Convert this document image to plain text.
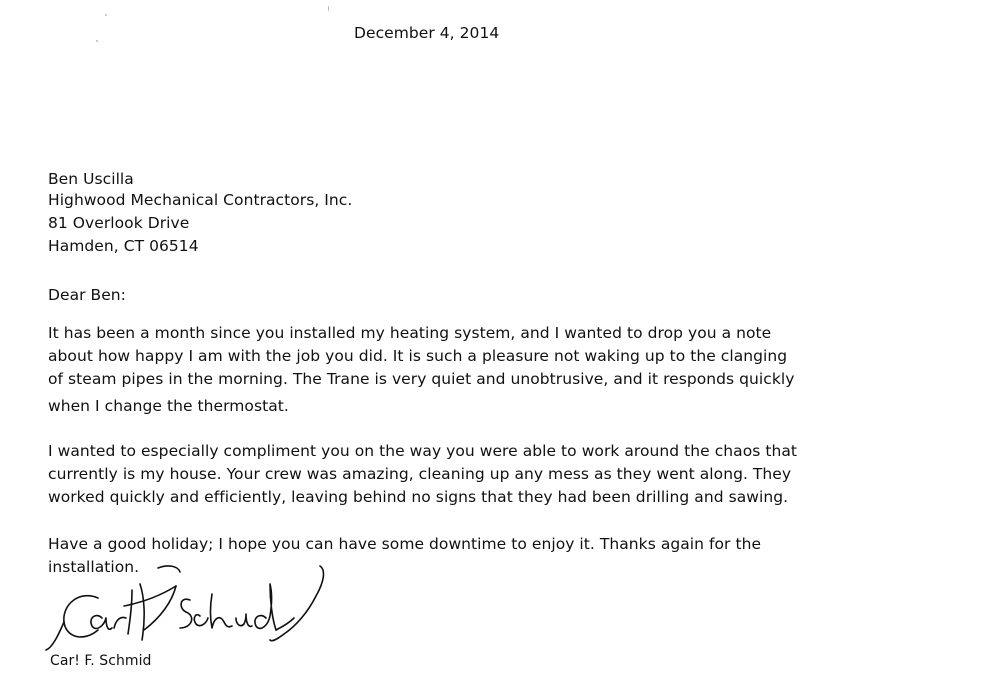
December 4, 2014
Ben Uscilla
Highwood Mechanical Contractors, Inc.
81 Overlook Drive
Hamden, CT 06514
Dear Ben:
It has been a month since you installed my heating system, and I wanted to drop you a note
about how happy I am with the job you did. It is such a pleasure not waking up to the clanging
of steam pipes in the morning. The Trane is very quiet and unobtrusive, and it responds quickly
when I change the thermostat.
I wanted to especially compliment you on the way you were able to work around the chaos that
currently is my house. Your crew was amazing, cleaning up any mess as they went along. They
worked quickly and efficiently, leaving behind no signs that they had been drilling and sawing.
Have a good holiday; I hope you can have some downtime to enjoy it. Thanks again for the
installation.
Car! F. Schmid
